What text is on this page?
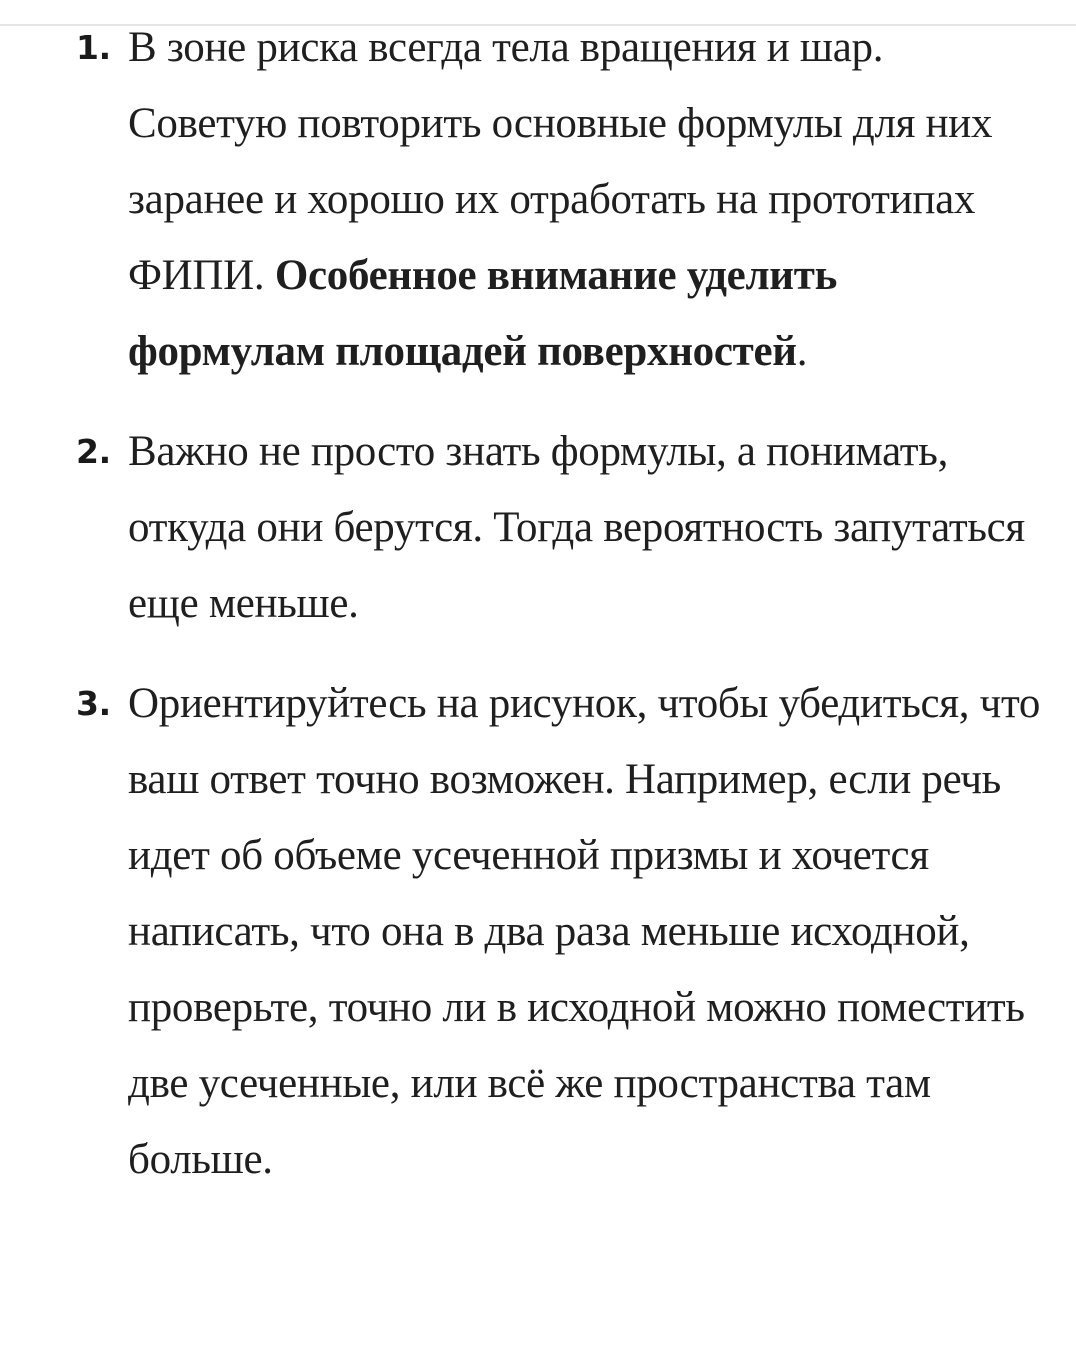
1. В зоне риска всегда тела вращения и шар. Советую повторить основные формулы для них заранее и хорошо их отработать на прототипах ФИПИ. Особенное внимание уделить формулам площадей поверхностей.
2. Важно не просто знать формулы, а понимать, откуда они берутся. Тогда вероятность запутаться еще меньше.
3. Ориентируйтесь на рисунок, чтобы убедиться, что ваш ответ точно возможен. Например, если речь идет об объеме усеченной призмы и хочется написать, что она в два раза меньше исходной, проверьте, точно ли в исходной можно поместить две усеченные, или всё же пространства там больше.
